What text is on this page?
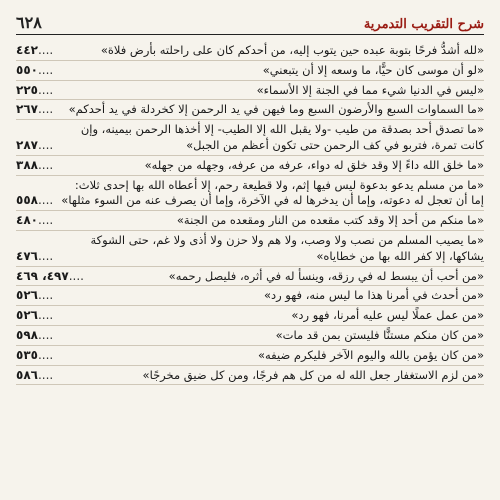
شرح التقريب التدمرية
٦٢٨
«لله أشدُّ فرحًا بتوبة عبده حين يتوب إليه، من أحدكم كان على راحلته بأرض فلاة»
٤٤٢....
«لو أن موسى كان حيًّا، ما وسعه إلا أن يتبعني»
٥٥٠....
«ليس في الدنيا شيء مما في الجنة إلا الأسماء»
٢٢٥....
«ما السماوات السبع والأرضون السبع وما فيهن في يد الرحمن إلا كخردلة في يد أحدكم»
٢٦٧....
«ما تصدق أحد بصدقة من طيب -ولا يقبل الله إلا الطيب- إلا أخذها الرحمن بيمينه، وإن كانت تمرة، فتربو في كف الرحمن حتى تكون أعظم من الجبل»
٢٨٧....
«ما خلق الله داءً إلا وقد خلق له دواء، عرفه من عرفه، وجهله من جهله»
٣٨٨....
«ما من مسلم يدعو بدعوة ليس فيها إثم، ولا قطيعة رحم، إلا أعطاه الله بها إحدى ثلاث: إما أن تعجل له دعوته، وإما أن يدخرها له في الآخرة، وإما أن يصرف عنه من السوء مثلها»
٥٥٨....
«ما منكم من أحد إلا وقد كتب مقعده من النار ومقعده من الجنة»
٤٨٠....
«ما يصيب المسلم من نصب ولا وصب، ولا هم ولا حزن ولا أذى ولا غم، حتى الشوكة يشاكها، إلا كفر الله بها من خطاياه»
٤٧٦....
«من أحب أن يبسط له في رزقه، وينسأ له في أثره، فليصل رحمه»
٤٩٧، ٤٦٩....
«من أحدث في أمرنا هذا ما ليس منه، فهو رد»
٥٢٦....
«من عمل عملًا ليس عليه أمرنا، فهو رد»
٥٢٦....
«من كان منكم مستنًّا فليستن بمن قد مات»
٥٩٨....
«من كان يؤمن بالله واليوم الآخر فليكرم ضيفه»
٥٣٥....
«من لزم الاستغفار جعل الله له من كل هم فرجًا، ومن كل ضيق مخرجًا»
٥٨٦....
